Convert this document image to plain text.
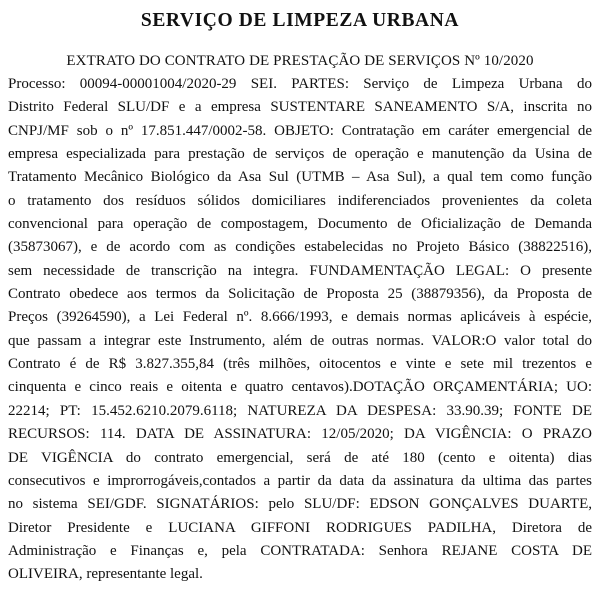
SERVIÇO DE LIMPEZA URBANA

EXTRATO DO CONTRATO DE PRESTAÇÃO DE SERVIÇOS Nº 10/2020

Processo: 00094-00001004/2020-29 SEI. PARTES: Serviço de Limpeza Urbana do
Distrito Federal SLU/DF e a empresa SUSTENTARE SANEAMENTO S/A, inscrita no
CNPJ/MF sob o nº 17.851.447/0002-58. OBJETO: Contratação em caráter emergencial de
empresa especializada para prestação de serviços de operação e manutenção da Usina de
Tratamento Mecânico Biológico da Asa Sul (UTMB – Asa Sul), a qual tem como função
o tratamento dos resíduos sólidos domiciliares indiferenciados provenientes da coleta
convencional para operação de compostagem, Documento de Oficialização de Demanda
(35873067), e de acordo com as condições estabelecidas no Projeto Básico (38822516),
sem necessidade de transcrição na integra. FUNDAMENTAÇÃO LEGAL: O presente
Contrato obedece aos termos da Solicitação de Proposta 25 (38879356), da Proposta de
Preços (39264590), a Lei Federal nº. 8.666/1993, e demais normas aplicáveis à espécie,
que passam a integrar este Instrumento, além de outras normas. VALOR:O valor total do
Contrato é de R$ 3.827.355,84 (três milhões, oitocentos e vinte e sete mil trezentos e
cinquenta e cinco reais e oitenta e quatro centavos).DOTAÇÃO ORÇAMENTÁRIA; UO:
22214; PT: 15.452.6210.2079.6118; NATUREZA DA DESPESA: 33.90.39; FONTE DE
RECURSOS: 114. DATA DE ASSINATURA: 12/05/2020; DA VIGÊNCIA: O PRAZO
DE VIGÊNCIA do contrato emergencial, será de até 180 (cento e oitenta) dias
consecutivos e improrrogáveis,contados a partir da data da assinatura da ultima das partes
no sistema SEI/GDF. SIGNATÁRIOS: pelo SLU/DF: EDSON GONÇALVES DUARTE,
Diretor Presidente e LUCIANA GIFFONI RODRIGUES PADILHA, Diretora de
Administração e Finanças e, pela CONTRATADA: Senhora REJANE COSTA DE
OLIVEIRA, representante legal.
